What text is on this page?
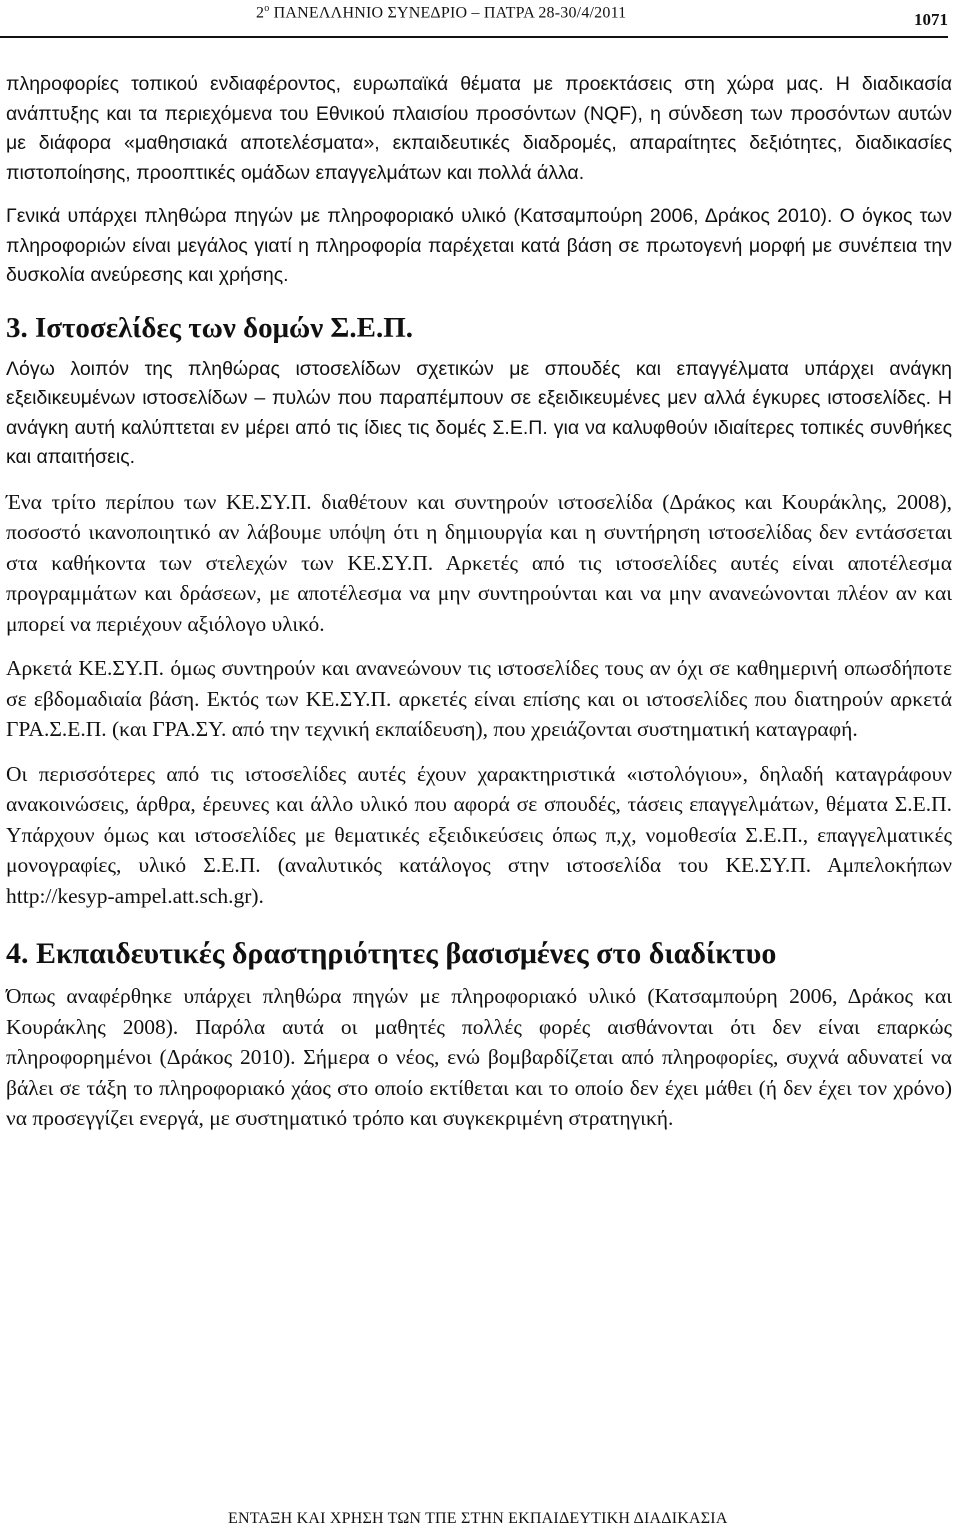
$2^o$ ΠΑΝΕΛΛΗΝΙΟ ΣΥΝΕΔΡΙΟ – ΠΑΤΡΑ 28-30/4/2011	1071

πληροφορίες τοπικού ενδιαφέροντος, ευρωπαϊκά θέματα με προεκτάσεις στη χώρα μας. Η διαδικασία ανάπτυξης και τα περιεχόμενα του Εθνικού πλαισίου προσόντων (NQF), η σύνδεση των προσόντων αυτών με διάφορα «μαθησιακά αποτελέσματα», εκπαιδευτικές διαδρομές, απαραίτητες δεξιότητες, διαδικασίες πιστοποίησης, προοπτικές ομάδων επαγγελμάτων και πολλά άλλα.

Γενικά υπάρχει πληθώρα πηγών με πληροφοριακό υλικό (Κατσαμπούρη 2006, Δράκος 2010). Ο όγκος των πληροφοριών είναι μεγάλος γιατί η πληροφορία παρέχεται κατά βάση σε πρωτογενή μορφή με συνέπεια την δυσκολία ανεύρεσης και χρήσης.

3. Ιστοσελίδες των δομών Σ.Ε.Π.

Λόγω λοιπόν της πληθώρας ιστοσελίδων σχετικών με σπουδές και επαγγέλματα υπάρχει ανάγκη εξειδικευμένων ιστοσελίδων – πυλών που παραπέμπουν σε εξειδικευμένες μεν αλλά έγκυρες ιστοσελίδες. Η ανάγκη αυτή καλύπτεται εν μέρει από τις ίδιες τις δομές Σ.Ε.Π. για να καλυφθούν ιδιαίτερες τοπικές συνθήκες και απαιτήσεις.

Ένα τρίτο περίπου των ΚΕ.ΣΥ.Π. διαθέτουν και συντηρούν ιστοσελίδα (Δράκος και Κουράκλης, 2008), ποσοστό ικανοποιητικό αν λάβουμε υπόψη ότι η δημιουργία και η συντήρηση ιστοσελίδας δεν εντάσσεται στα καθήκοντα των στελεχών των ΚΕ.ΣΥ.Π. Αρκετές από τις ιστοσελίδες αυτές είναι αποτέλεσμα προγραμμάτων και δράσεων, με αποτέλεσμα να μην συντηρούνται και να μην ανανεώνονται πλέον αν και μπορεί να περιέχουν αξιόλογο υλικό.

Αρκετά ΚΕ.ΣΥ.Π. όμως συντηρούν και ανανεώνουν τις ιστοσελίδες τους αν όχι σε καθημερινή οπωσδήποτε σε εβδομαδιαία βάση. Εκτός των ΚΕ.ΣΥ.Π. αρκετές είναι επίσης και οι ιστοσελίδες που διατηρούν αρκετά ΓΡΑ.Σ.Ε.Π. (και ΓΡΑ.ΣΥ. από την τεχνική εκπαίδευση), που χρειάζονται συστηματική καταγραφή.

Οι περισσότερες από τις ιστοσελίδες αυτές έχουν χαρακτηριστικά «ιστολόγιου», δηλαδή καταγράφουν ανακοινώσεις, άρθρα, έρευνες και άλλο υλικό που αφορά σε σπουδές, τάσεις επαγγελμάτων, θέματα Σ.Ε.Π. Υπάρχουν όμως και ιστοσελίδες με θεματικές εξειδικεύσεις όπως π,χ, νομοθεσία Σ.Ε.Π., επαγγελματικές μονογραφίες, υλικό Σ.Ε.Π. (αναλυτικός κατάλογος στην ιστοσελίδα του ΚΕ.ΣΥ.Π. Αμπελοκήπων http://kesyp-ampel.att.sch.gr).

4. Εκπαιδευτικές δραστηριότητες βασισμένες στο διαδίκτυο

Όπως αναφέρθηκε υπάρχει πληθώρα πηγών με πληροφοριακό υλικό (Κατσαμπούρη 2006, Δράκος και Κουράκλης 2008). Παρόλα αυτά οι μαθητές πολλές φορές αισθάνονται ότι δεν είναι επαρκώς πληροφορημένοι (Δράκος 2010). Σήμερα ο νέος, ενώ βομβαρδίζεται από πληροφορίες, συχνά αδυνατεί να βάλει σε τάξη το πληροφοριακό χάος στο οποίο εκτίθεται και το οποίο δεν έχει μάθει (ή δεν έχει τον χρόνο) να προσεγγίζει ενεργά, με συστηματικό τρόπο και συγκεκριμένη στρατηγική.

ΕΝΤΑΞΗ ΚΑΙ ΧΡΗΣΗ ΤΩΝ ΤΠΕ ΣΤΗΝ ΕΚΠΑΙΔΕΥΤΙΚΗ ΔΙΑΔΙΚΑΣΙΑ
